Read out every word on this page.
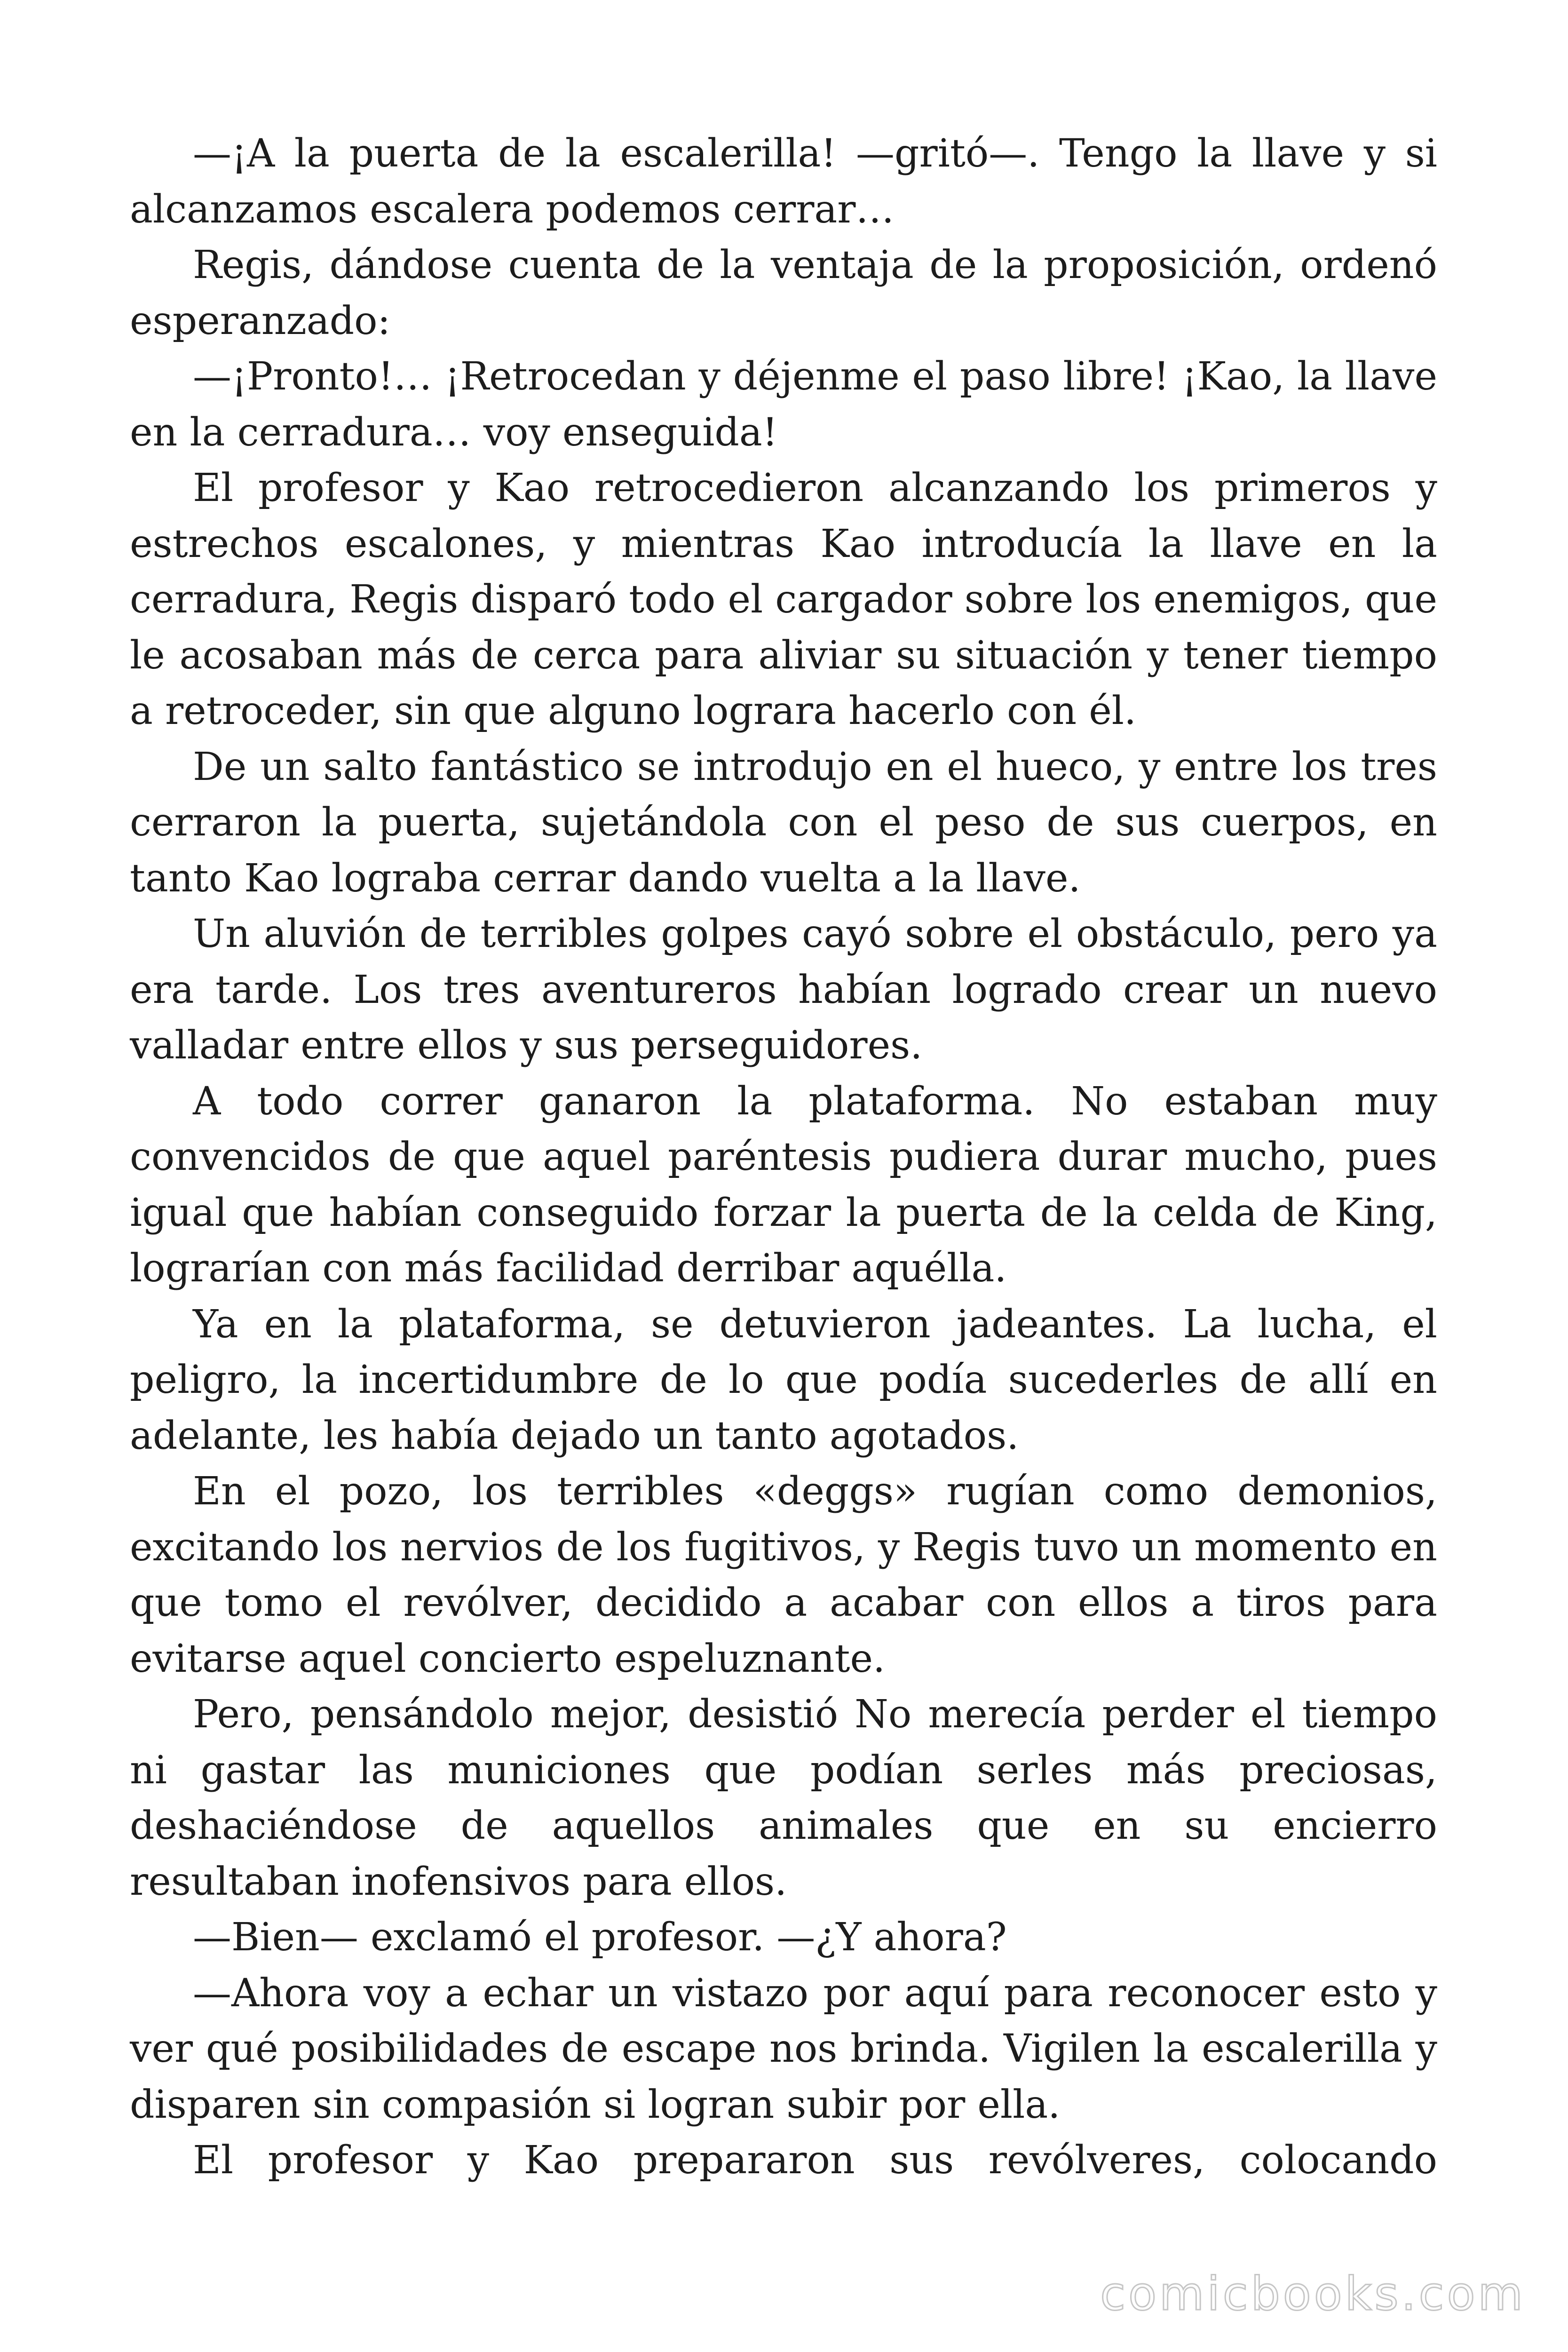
—¡A la puerta de la escalerilla! —gritó—. Tengo la llave y si alcanzamos escalera podemos cerrar…

Regis, dándose cuenta de la ventaja de la proposición, ordenó esperanzado:

—¡Pronto!… ¡Retrocedan y déjenme el paso libre! ¡Kao, la llave en la cerradura… voy enseguida!

El profesor y Kao retrocedieron alcanzando los primeros y estrechos escalones, y mientras Kao introducía la llave en la cerradura, Regis disparó todo el cargador sobre los enemigos, que le acosaban más de cerca para aliviar su situación y tener tiempo a retroceder, sin que alguno lograra hacerlo con él.

De un salto fantástico se introdujo en el hueco, y entre los tres cerraron la puerta, sujetándola con el peso de sus cuerpos, en tanto Kao lograba cerrar dando vuelta a la llave.

Un aluvión de terribles golpes cayó sobre el obstáculo, pero ya era tarde. Los tres aventureros habían logrado crear un nuevo valladar entre ellos y sus perseguidores.

A todo correr ganaron la plataforma. No estaban muy convencidos de que aquel paréntesis pudiera durar mucho, pues igual que habían conseguido forzar la puerta de la celda de King, lograrían con más facilidad derribar aquélla.

Ya en la plataforma, se detuvieron jadeantes. La lucha, el peligro, la incertidumbre de lo que podía sucederles de allí en adelante, les había dejado un tanto agotados.

En el pozo, los terribles «deggs» rugían como demonios, excitando los nervios de los fugitivos, y Regis tuvo un momento en que tomo el revólver, decidido a acabar con ellos a tiros para evitarse aquel concierto espeluznante.

Pero, pensándolo mejor, desistió No merecía perder el tiempo ni gastar las municiones que podían serles más preciosas, deshaciéndose de aquellos animales que en su encierro resultaban inofensivos para ellos.

—Bien— exclamó el profesor. —¿Y ahora?

—Ahora voy a echar un vistazo por aquí para reconocer esto y ver qué posibilidades de escape nos brinda. Vigilen la escalerilla y disparen sin compasión si logran subir por ella.

El profesor y Kao prepararon sus revólveres, colocando

comicbooks.com
